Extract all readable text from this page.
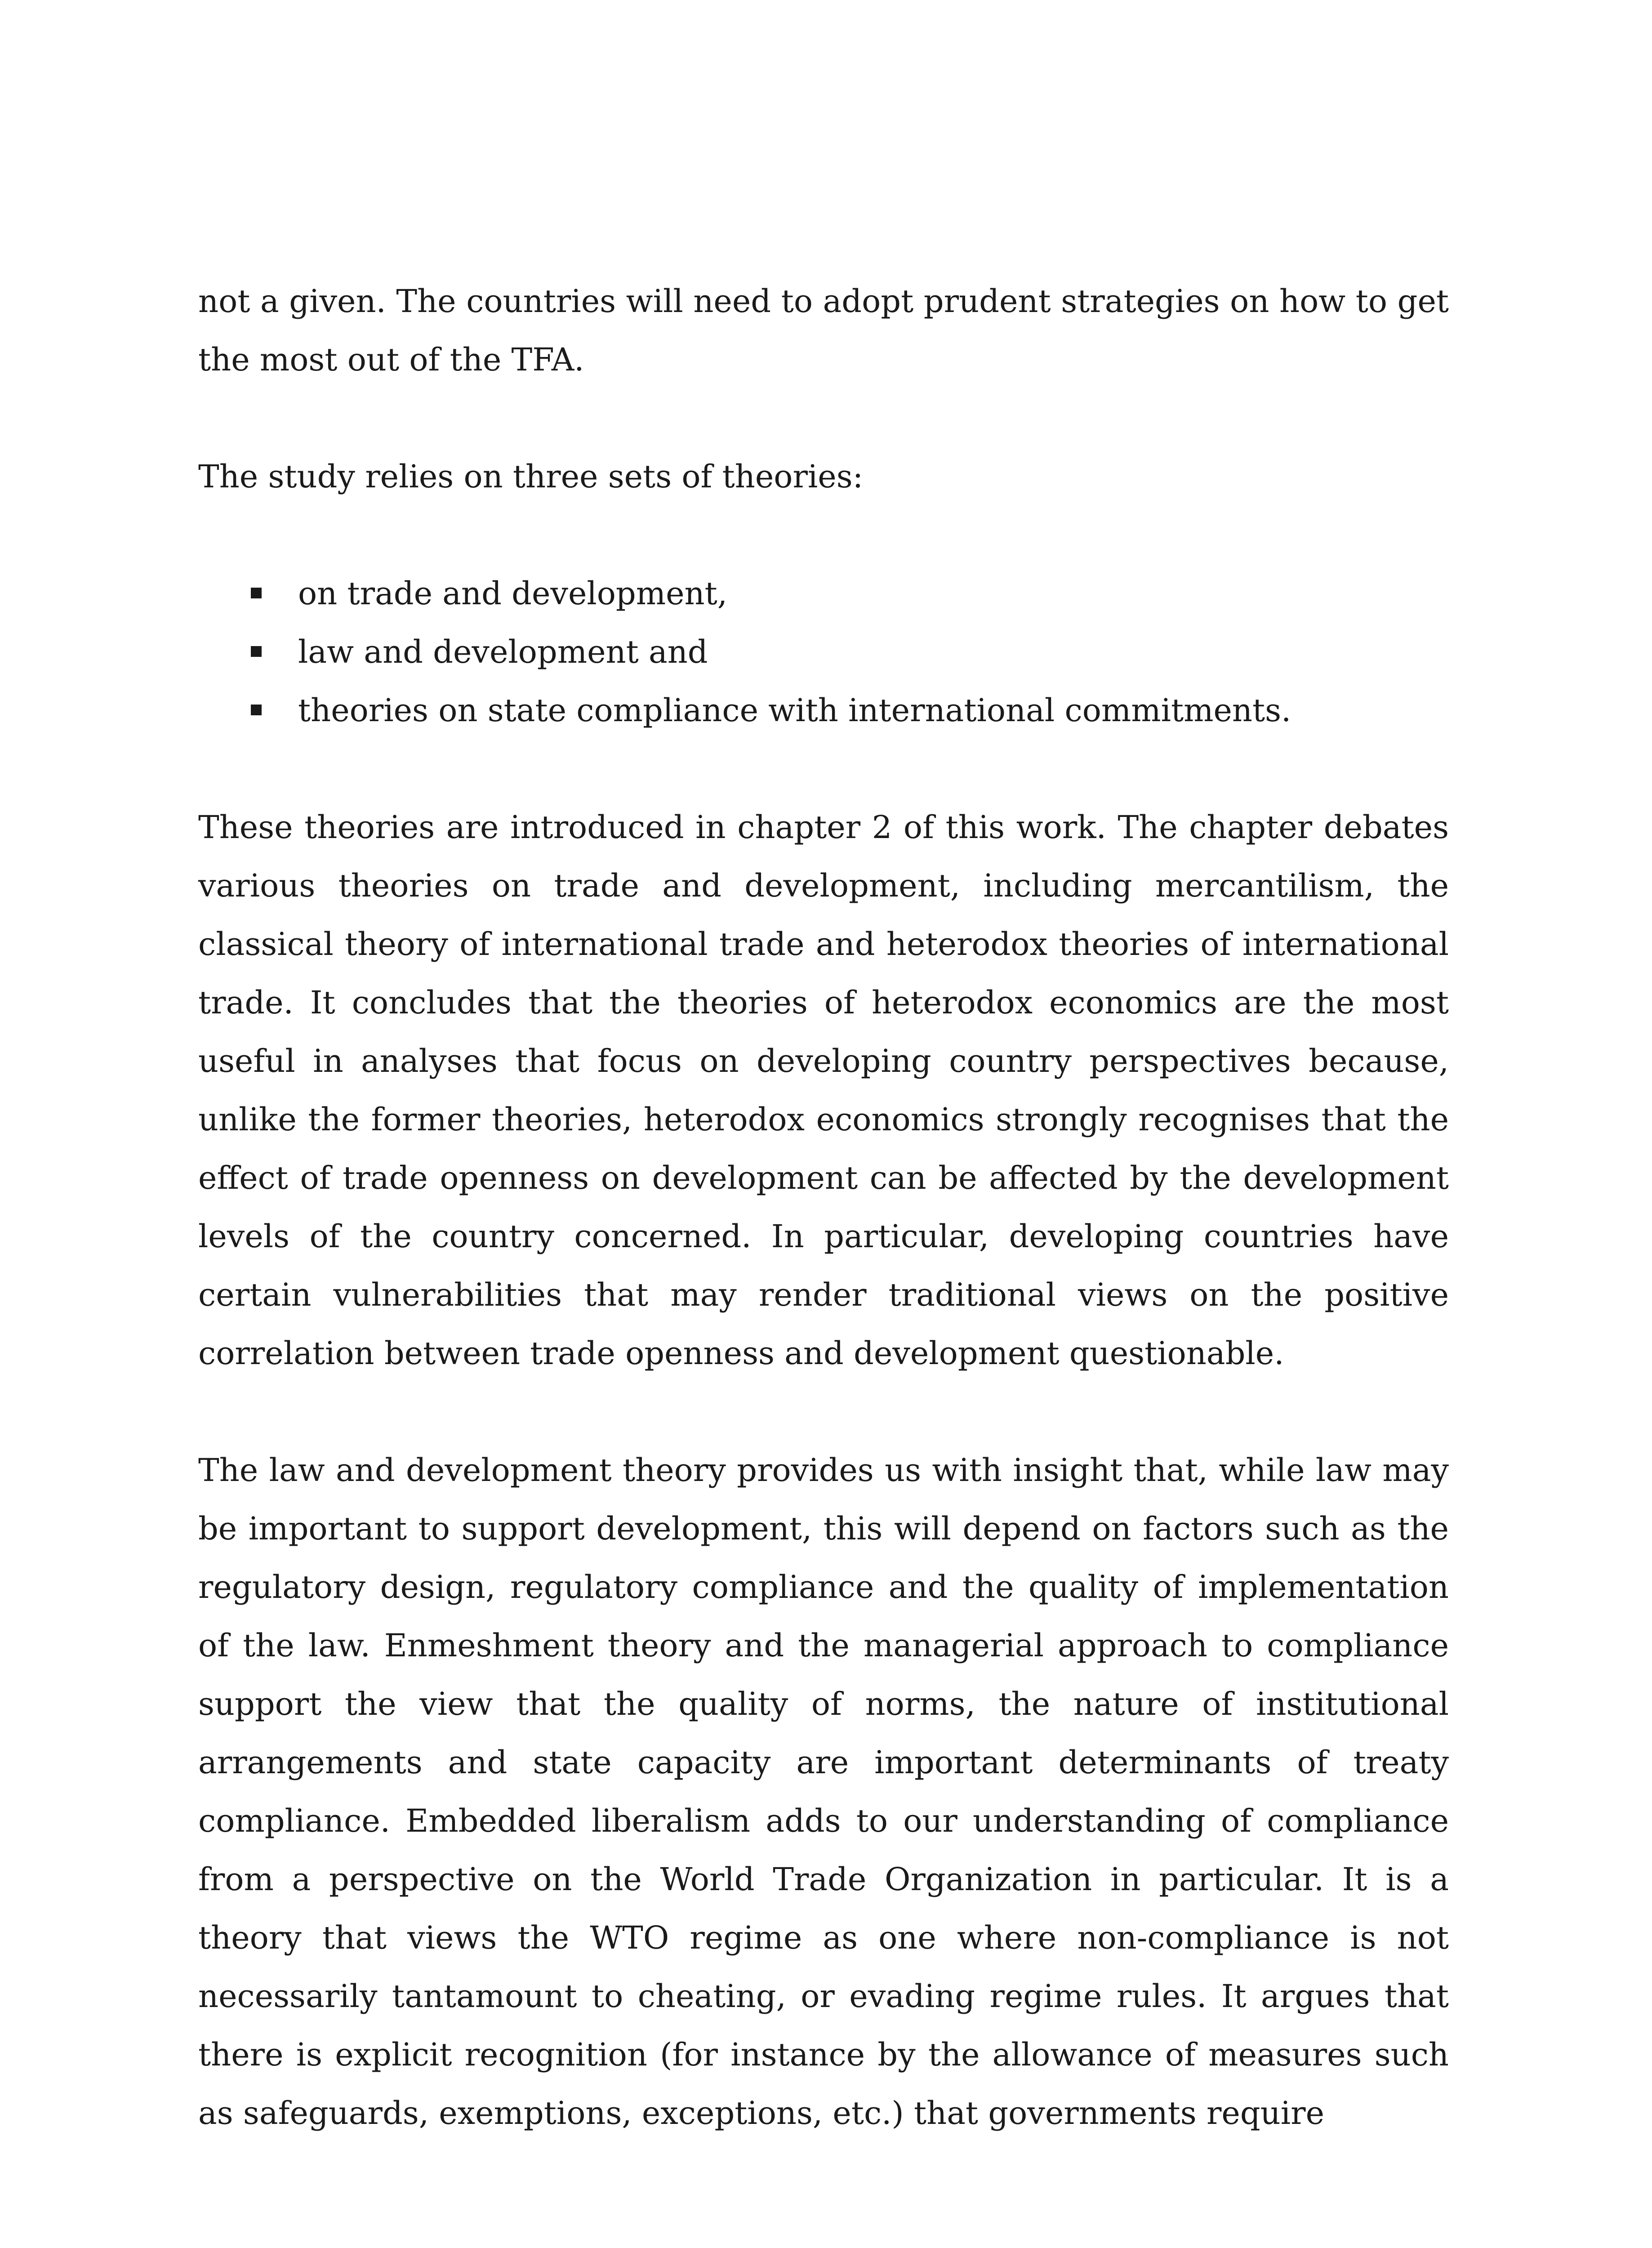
not a given. The countries will need to adopt prudent strategies on how to get the most out of the TFA.

The study relies on three sets of theories:

on trade and development,
law and development and
theories on state compliance with international commitments.

These theories are introduced in chapter 2 of this work. The chapter debates various theories on trade and development, including mercantilism, the classical theory of international trade and heterodox theories of international trade. It concludes that the theories of heterodox economics are the most useful in analyses that focus on developing country perspectives because, unlike the former theories, heterodox economics strongly recognises that the effect of trade openness on development can be affected by the development levels of the country concerned. In particular, developing countries have certain vulnerabilities that may render traditional views on the positive correlation between trade openness and development questionable.

The law and development theory provides us with insight that, while law may be important to support development, this will depend on factors such as the regulatory design, regulatory compliance and the quality of implementation of the law. Enmeshment theory and the managerial approach to compliance support the view that the quality of norms, the nature of institutional arrangements and state capacity are important determinants of treaty compliance. Embedded liberalism adds to our understanding of compliance from a perspective on the World Trade Organization in particular. It is a theory that views the WTO regime as one where non-compliance is not necessarily tantamount to cheating, or evading regime rules. It argues that there is explicit recognition (for instance by the allowance of measures such as safeguards, exemptions, exceptions, etc.) that governments require
